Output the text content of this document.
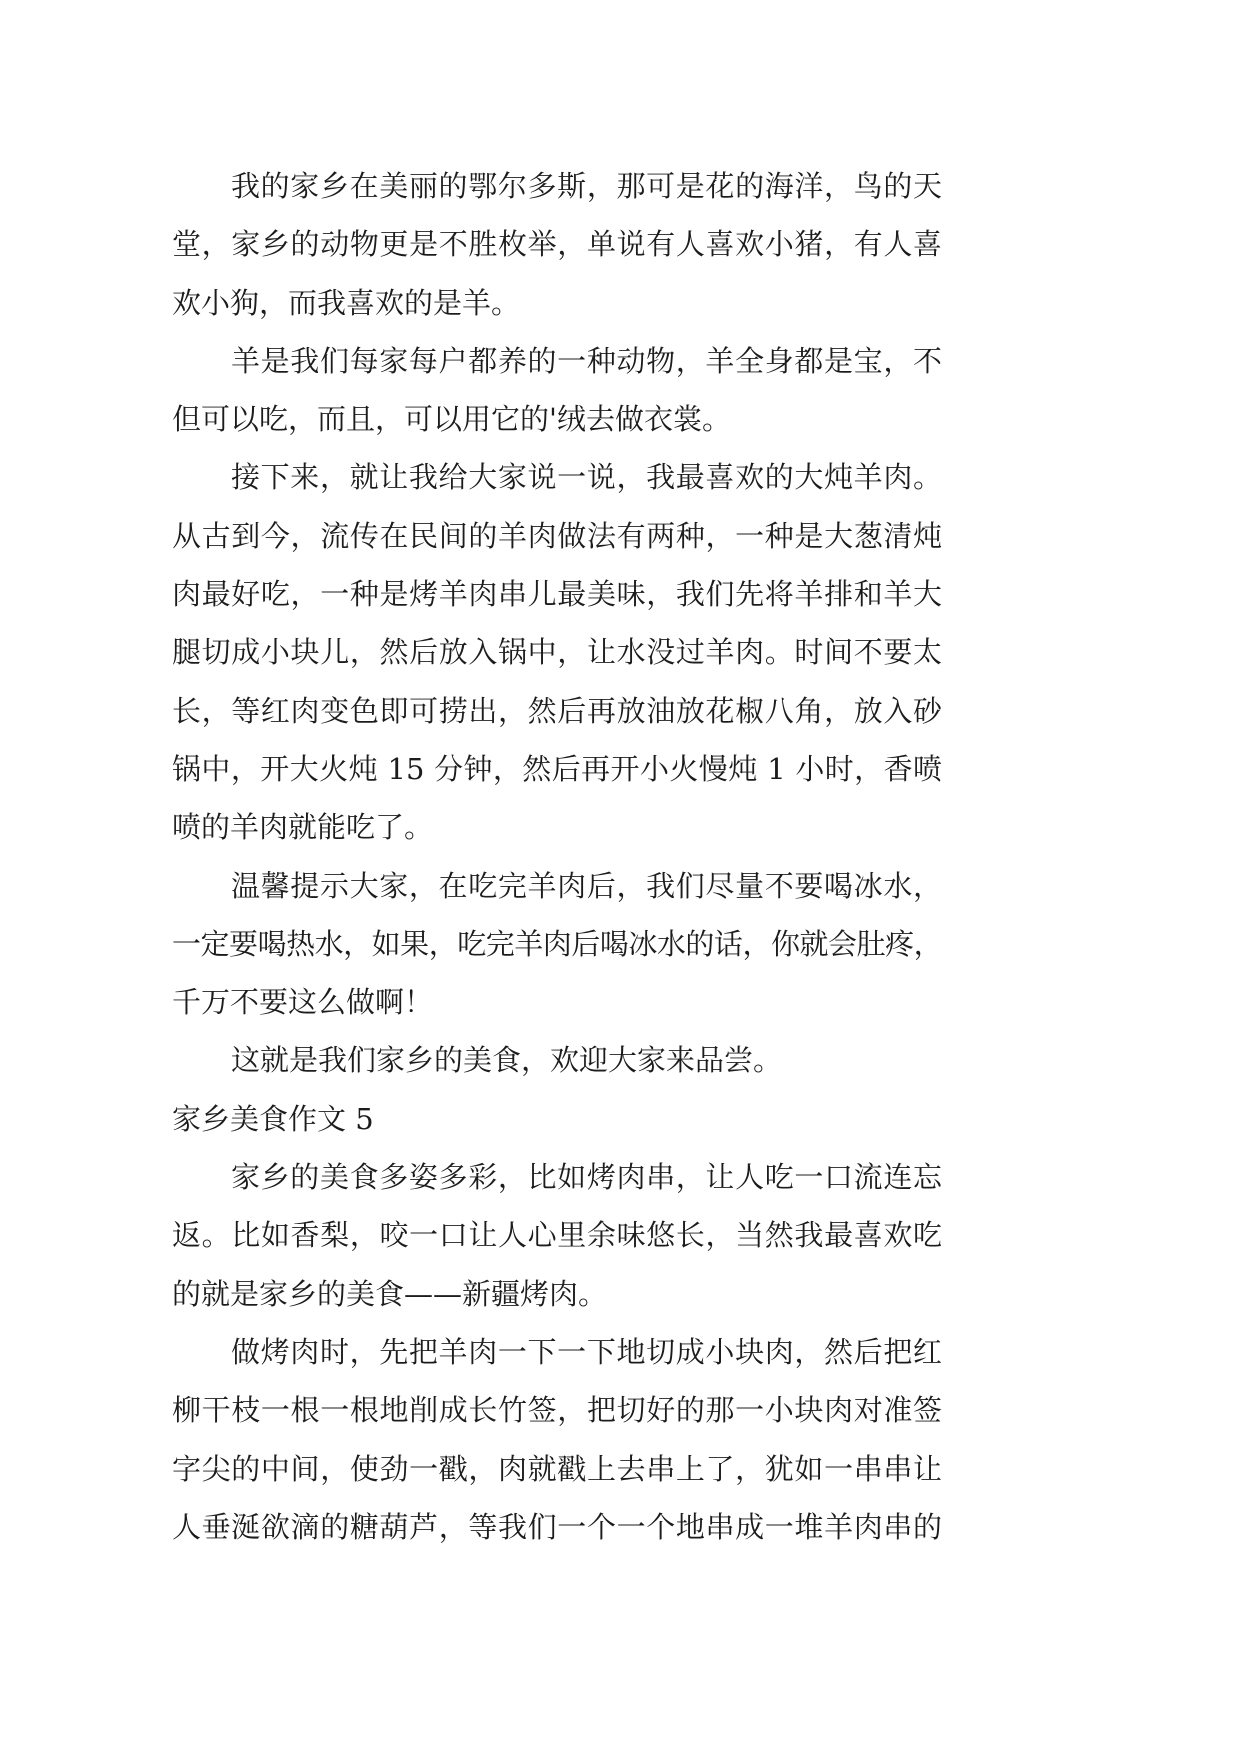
我的家乡在美丽的鄂尔多斯，那可是花的海洋，鸟的天
堂，家乡的动物更是不胜枚举，单说有人喜欢小猪，有人喜
欢小狗，而我喜欢的是羊。
羊是我们每家每户都养的一种动物，羊全身都是宝，不
但可以吃，而且，可以用它的'绒去做衣裳。
接下来，就让我给大家说一说，我最喜欢的大炖羊肉。
从古到今，流传在民间的羊肉做法有两种，一种是大葱清炖
肉最好吃，一种是烤羊肉串儿最美味，我们先将羊排和羊大
腿切成小块儿，然后放入锅中，让水没过羊肉。时间不要太
长，等红肉变色即可捞出，然后再放油放花椒八角，放入砂
锅中，开大火炖 15 分钟，然后再开小火慢炖 1 小时，香喷
喷的羊肉就能吃了。
温馨提示大家，在吃完羊肉后，我们尽量不要喝冰水，
一定要喝热水，如果，吃完羊肉后喝冰水的话，你就会肚疼，
千万不要这么做啊！
这就是我们家乡的美食，欢迎大家来品尝。
家乡美食作文 5
家乡的美食多姿多彩，比如烤肉串，让人吃一口流连忘
返。比如香梨，咬一口让人心里余味悠长，当然我最喜欢吃
的就是家乡的美食——新疆烤肉。
做烤肉时，先把羊肉一下一下地切成小块肉，然后把红
柳干枝一根一根地削成长竹签，把切好的那一小块肉对准签
字尖的中间，使劲一戳，肉就戳上去串上了，犹如一串串让
人垂涎欲滴的糖葫芦，等我们一个一个地串成一堆羊肉串的
